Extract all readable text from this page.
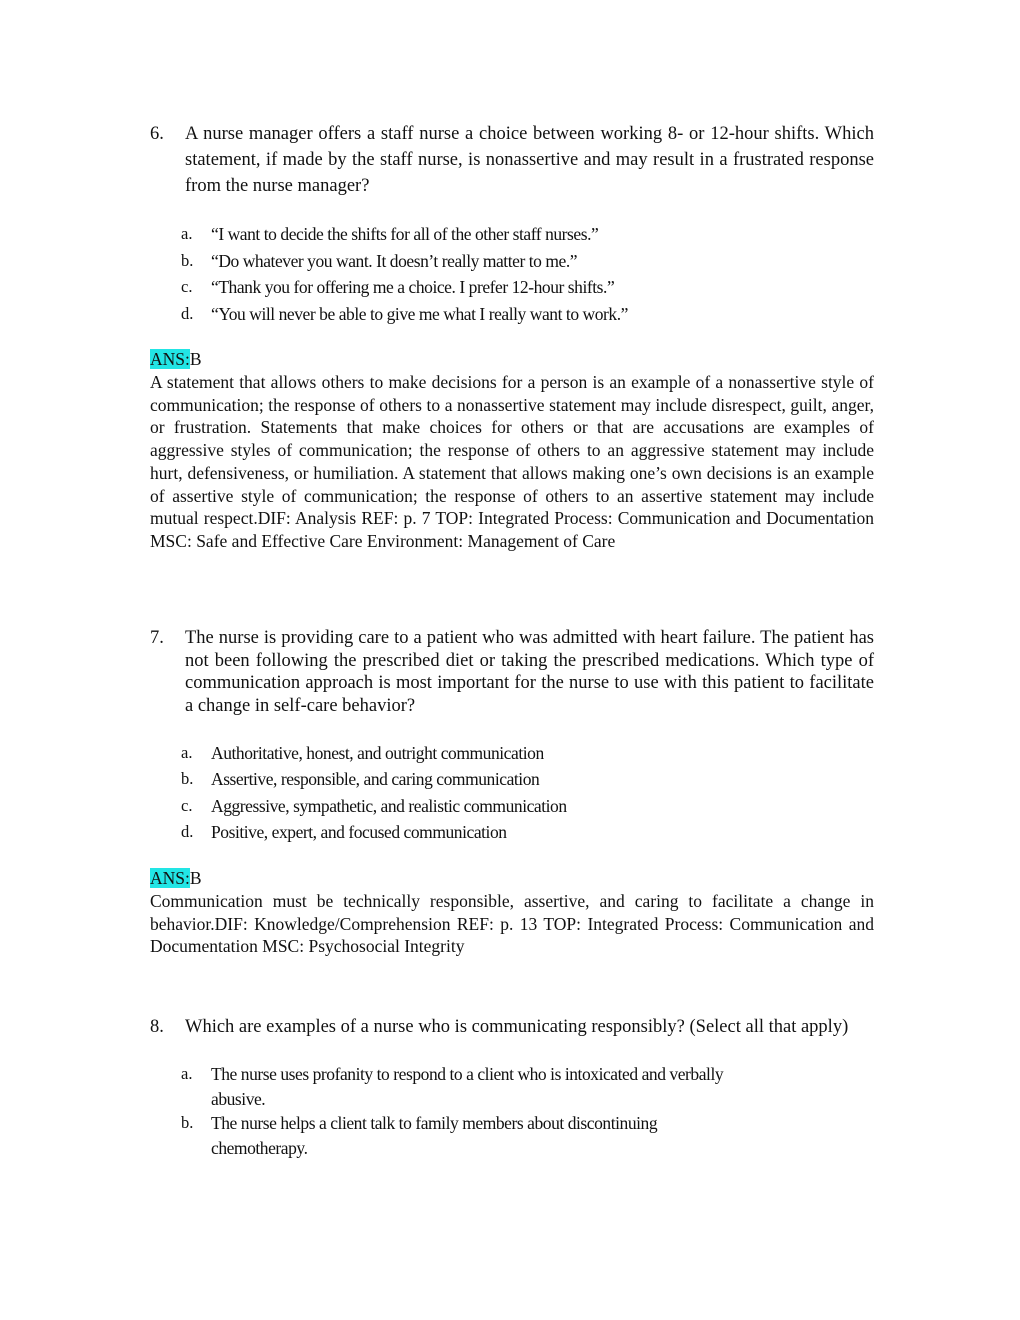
6. A nurse manager offers a staff nurse a choice between working 8- or 12-hour shifts. Which statement, if made by the staff nurse, is nonassertive and may result in a frustrated response from the nurse manager?
a. “I want to decide the shifts for all of the other staff nurses.”
b. “Do whatever you want. It doesn’t really matter to me.”
c. “Thank you for offering me a choice. I prefer 12-hour shifts.”
d. “You will never be able to give me what I really want to work.”
ANS:B
A statement that allows others to make decisions for a person is an example of a nonassertive style of communication; the response of others to a nonassertive statement may include disrespect, guilt, anger, or frustration. Statements that make choices for others or that are accusations are examples of aggressive styles of communication; the response of others to an aggressive statement may include hurt, defensiveness, or humiliation. A statement that allows making one’s own decisions is an example of assertive style of communication; the response of others to an assertive statement may include mutual respect.DIF: Analysis REF: p. 7 TOP: Integrated Process: Communication and Documentation MSC: Safe and Effective Care Environment: Management of Care
7. The nurse is providing care to a patient who was admitted with heart failure. The patient has not been following the prescribed diet or taking the prescribed medications. Which type of communication approach is most important for the nurse to use with this patient to facilitate a change in self-care behavior?
a. Authoritative, honest, and outright communication
b. Assertive, responsible, and caring communication
c. Aggressive, sympathetic, and realistic communication
d. Positive, expert, and focused communication
ANS:B
Communication must be technically responsible, assertive, and caring to facilitate a change in behavior.DIF: Knowledge/Comprehension REF: p. 13 TOP: Integrated Process: Communication and Documentation MSC: Psychosocial Integrity
8. Which are examples of a nurse who is communicating responsibly? (Select all that apply)
a. The nurse uses profanity to respond to a client who is intoxicated and verbally abusive.
b. The nurse helps a client talk to family members about discontinuing chemotherapy.
